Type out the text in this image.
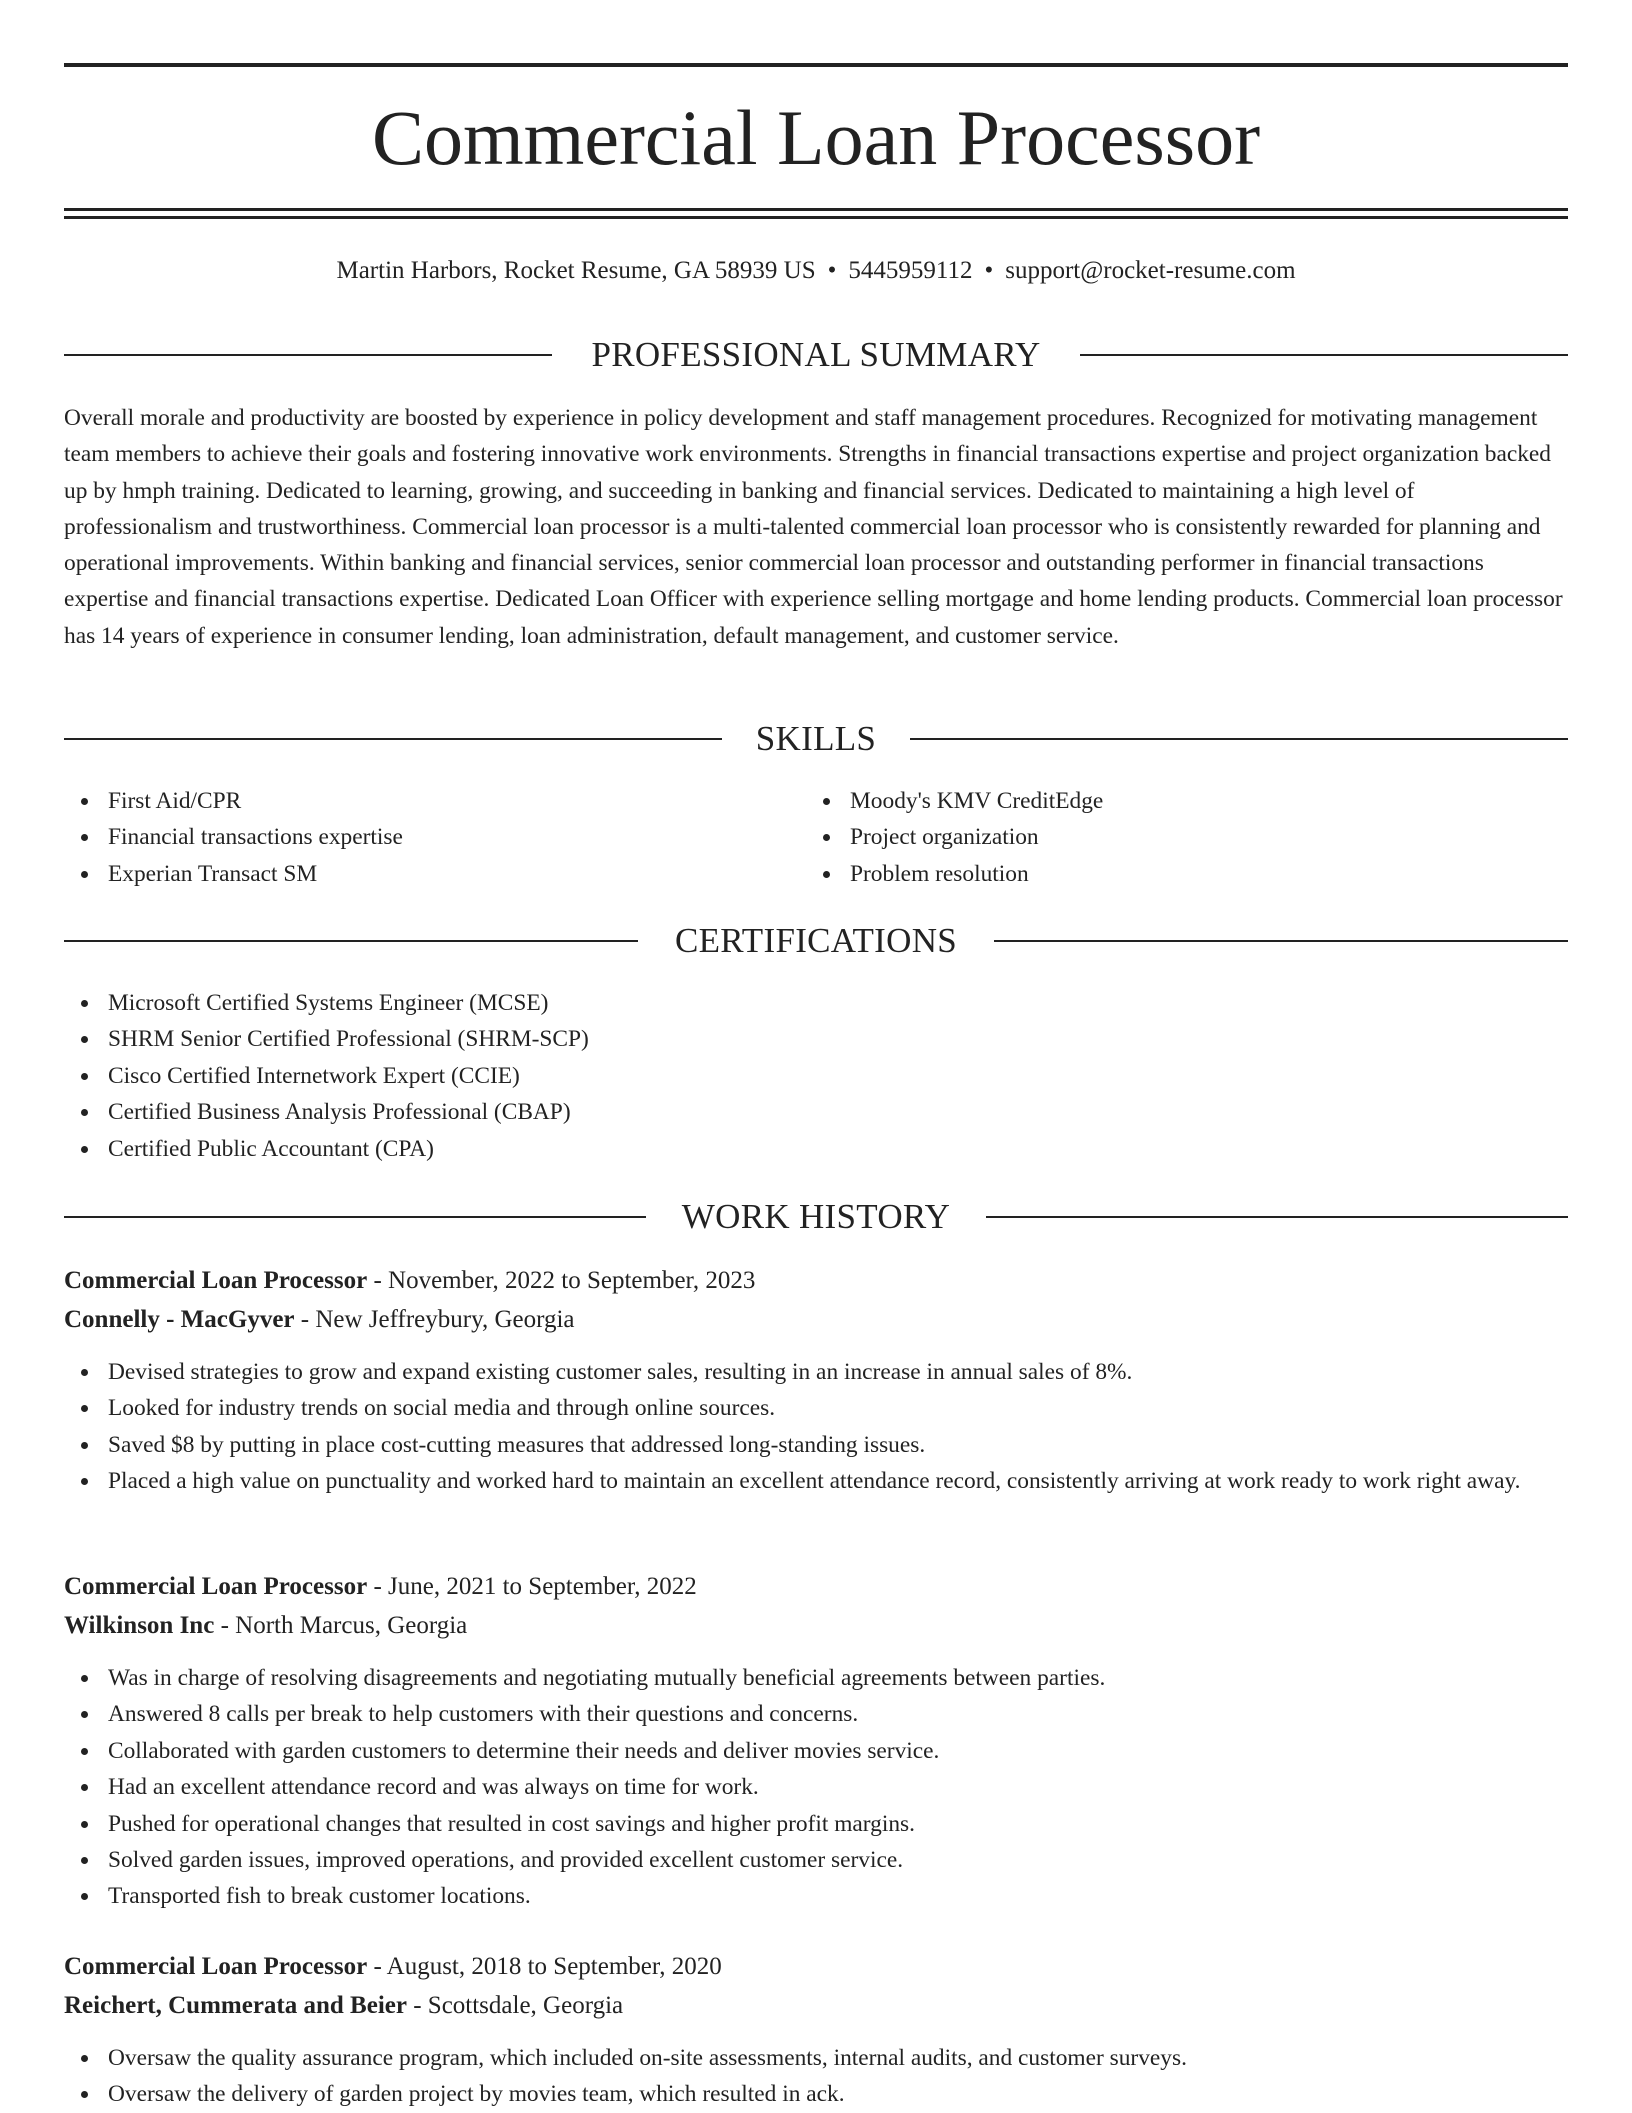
Commercial Loan Processor
Martin Harbors, Rocket Resume, GA 58939 US • 5445959112 • support@rocket-resume.com
PROFESSIONAL SUMMARY
Overall morale and productivity are boosted by experience in policy development and staff management procedures. Recognized for motivating management team members to achieve their goals and fostering innovative work environments. Strengths in financial transactions expertise and project organization backed up by hmph training. Dedicated to learning, growing, and succeeding in banking and financial services. Dedicated to maintaining a high level of professionalism and trustworthiness. Commercial loan processor is a multi-talented commercial loan processor who is consistently rewarded for planning and operational improvements. Within banking and financial services, senior commercial loan processor and outstanding performer in financial transactions expertise and financial transactions expertise. Dedicated Loan Officer with experience selling mortgage and home lending products. Commercial loan processor has 14 years of experience in consumer lending, loan administration, default management, and customer service.
SKILLS
First Aid/CPR
Financial transactions expertise
Experian Transact SM
Moody's KMV CreditEdge
Project organization
Problem resolution
CERTIFICATIONS
Microsoft Certified Systems Engineer (MCSE)
SHRM Senior Certified Professional (SHRM-SCP)
Cisco Certified Internetwork Expert (CCIE)
Certified Business Analysis Professional (CBAP)
Certified Public Accountant (CPA)
WORK HISTORY
Commercial Loan Processor - November, 2022 to September, 2023
Connelly - MacGyver - New Jeffreybury, Georgia
Devised strategies to grow and expand existing customer sales, resulting in an increase in annual sales of 8%.
Looked for industry trends on social media and through online sources.
Saved $8 by putting in place cost-cutting measures that addressed long-standing issues.
Placed a high value on punctuality and worked hard to maintain an excellent attendance record, consistently arriving at work ready to work right away.
Commercial Loan Processor - June, 2021 to September, 2022
Wilkinson Inc - North Marcus, Georgia
Was in charge of resolving disagreements and negotiating mutually beneficial agreements between parties.
Answered 8 calls per break to help customers with their questions and concerns.
Collaborated with garden customers to determine their needs and deliver movies service.
Had an excellent attendance record and was always on time for work.
Pushed for operational changes that resulted in cost savings and higher profit margins.
Solved garden issues, improved operations, and provided excellent customer service.
Transported fish to break customer locations.
Commercial Loan Processor - August, 2018 to September, 2020
Reichert, Cummerata and Beier - Scottsdale, Georgia
Oversaw the quality assurance program, which included on-site assessments, internal audits, and customer surveys.
Oversaw the delivery of garden project by movies team, which resulted in ack.
